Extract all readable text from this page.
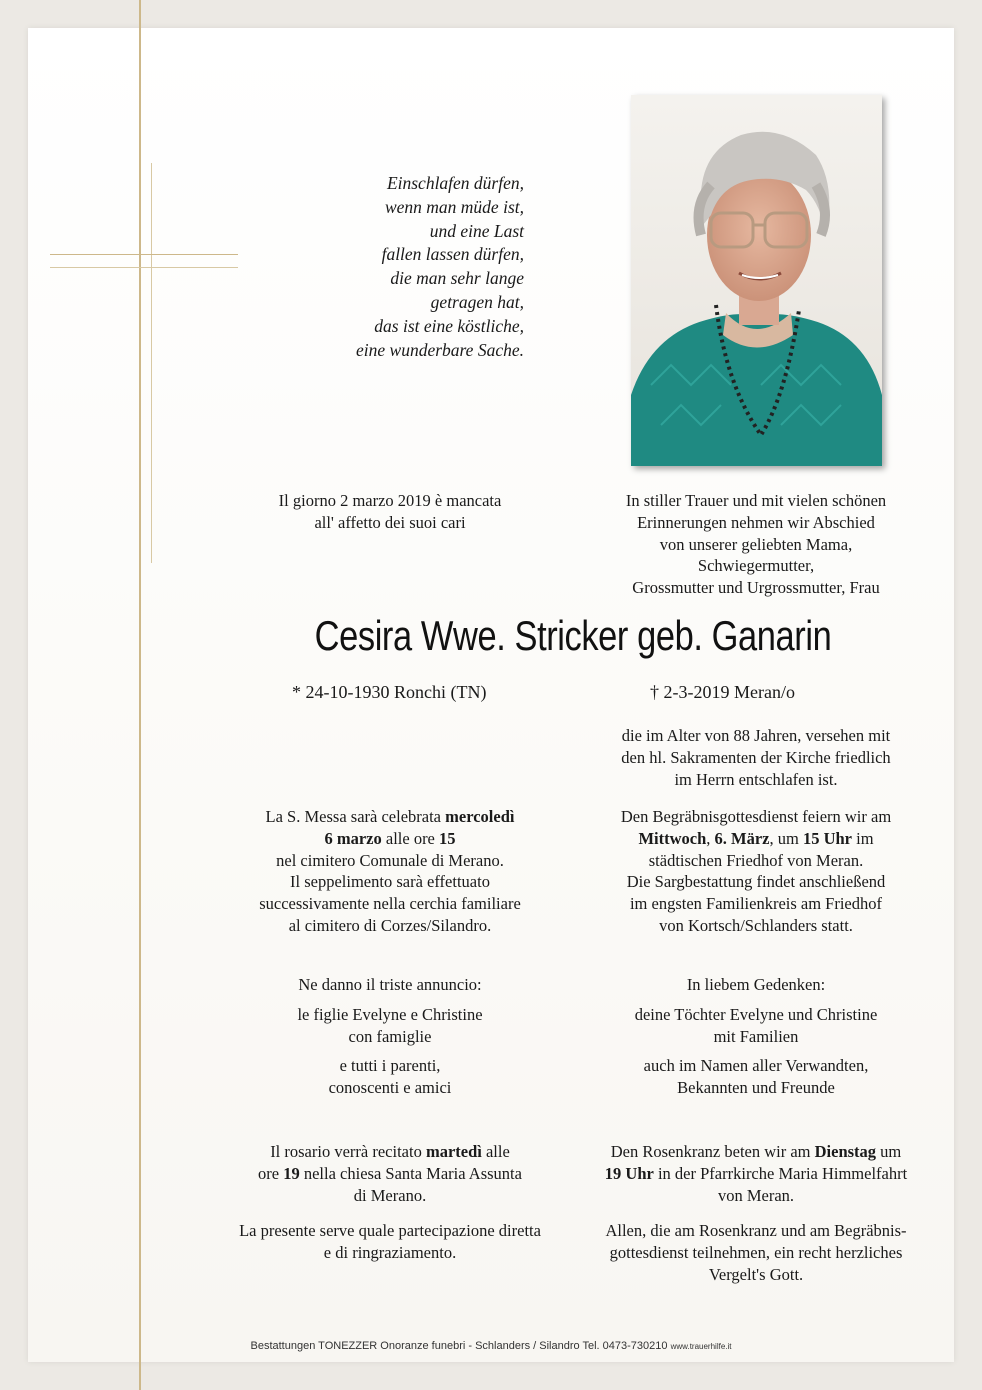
Einschlafen dürfen,
wenn man müde ist,
und eine Last
fallen lassen dürfen,
die man sehr lange
getragen hat,
das ist eine köstliche,
eine wunderbare Sache.
Il giorno 2 marzo 2019 è mancata
all' affetto dei suoi cari
In stiller Trauer und mit vielen schönen
Erinnerungen nehmen wir Abschied
von unserer geliebten Mama,
Schwiegermutter,
Grossmutter und Urgrossmutter, Frau
Cesira Wwe. Stricker geb. Ganarin
* 24-10-1930 Ronchi (TN)	† 2-3-2019 Meran/o
die im Alter von 88 Jahren, versehen mit
den hl. Sakramenten der Kirche friedlich
im Herrn entschlafen ist.
La S. Messa sarà celebrata mercoledì
6 marzo alle ore 15
nel cimitero Comunale di Merano.
Il seppelimento sarà effettuato
successivamente nella cerchia familiare
al cimitero di Corzes/Silandro.
Den Begräbnisgottesdienst feiern wir am
Mittwoch, 6. März, um 15 Uhr im
städtischen Friedhof von Meran.
Die Sargbestattung findet anschließend
im engsten Familienkreis am Friedhof
von Kortsch/Schlanders statt.
Ne danno il triste annuncio:
le figlie Evelyne e Christine
con famiglie
e tutti i parenti,
conoscenti e amici
In liebem Gedenken:
deine Töchter Evelyne und Christine
mit Familien
auch im Namen aller Verwandten,
Bekannten und Freunde
Il rosario verrà recitato martedì alle
ore 19 nella chiesa Santa Maria Assunta
di Merano.
La presente serve quale partecipazione diretta
e di ringraziamento.
Den Rosenkranz beten wir am Dienstag um
19 Uhr in der Pfarrkirche Maria Himmelfahrt
von Meran.
Allen, die am Rosenkranz und am Begräbnis-
gottesdienst teilnehmen, ein recht herzliches
Vergelt's Gott.
Bestattungen TONEZZER Onoranze funebri - Schlanders / Silandro Tel. 0473-730210 www.trauerhilfe.it
